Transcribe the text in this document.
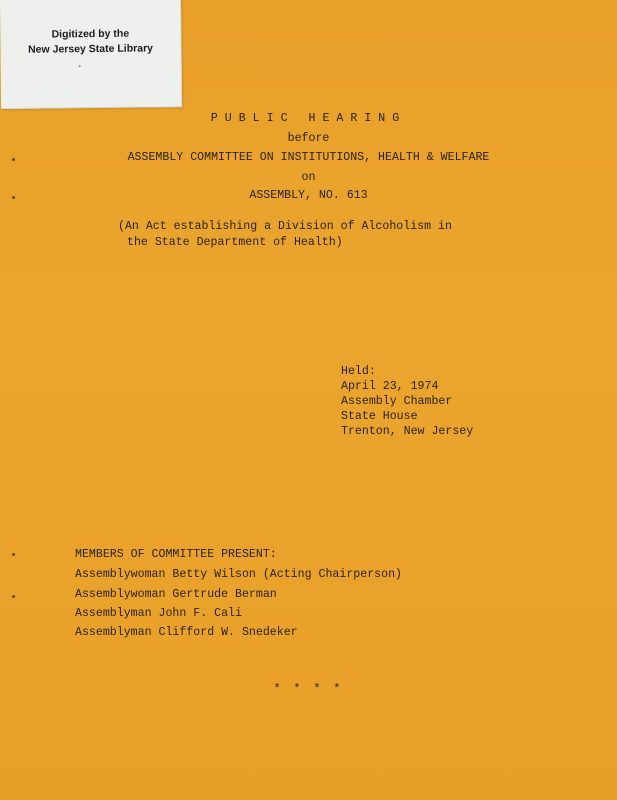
Digitized by the
New Jersey State Library
PUBLIC HEARING
before
ASSEMBLY COMMITTEE ON INSTITUTIONS, HEALTH & WELFARE
on
ASSEMBLY, NO. 613
(An Act establishing a Division of Alcoholism in
the State Department of Health)
Held:
April 23, 1974
Assembly Chamber
State House
Trenton, New Jersey
MEMBERS OF COMMITTEE PRESENT:
Assemblywoman Betty Wilson (Acting Chairperson)
Assemblywoman Gertrude Berman
Assemblyman John F. Cali
Assemblyman Clifford W. Snedeker
* * * *
